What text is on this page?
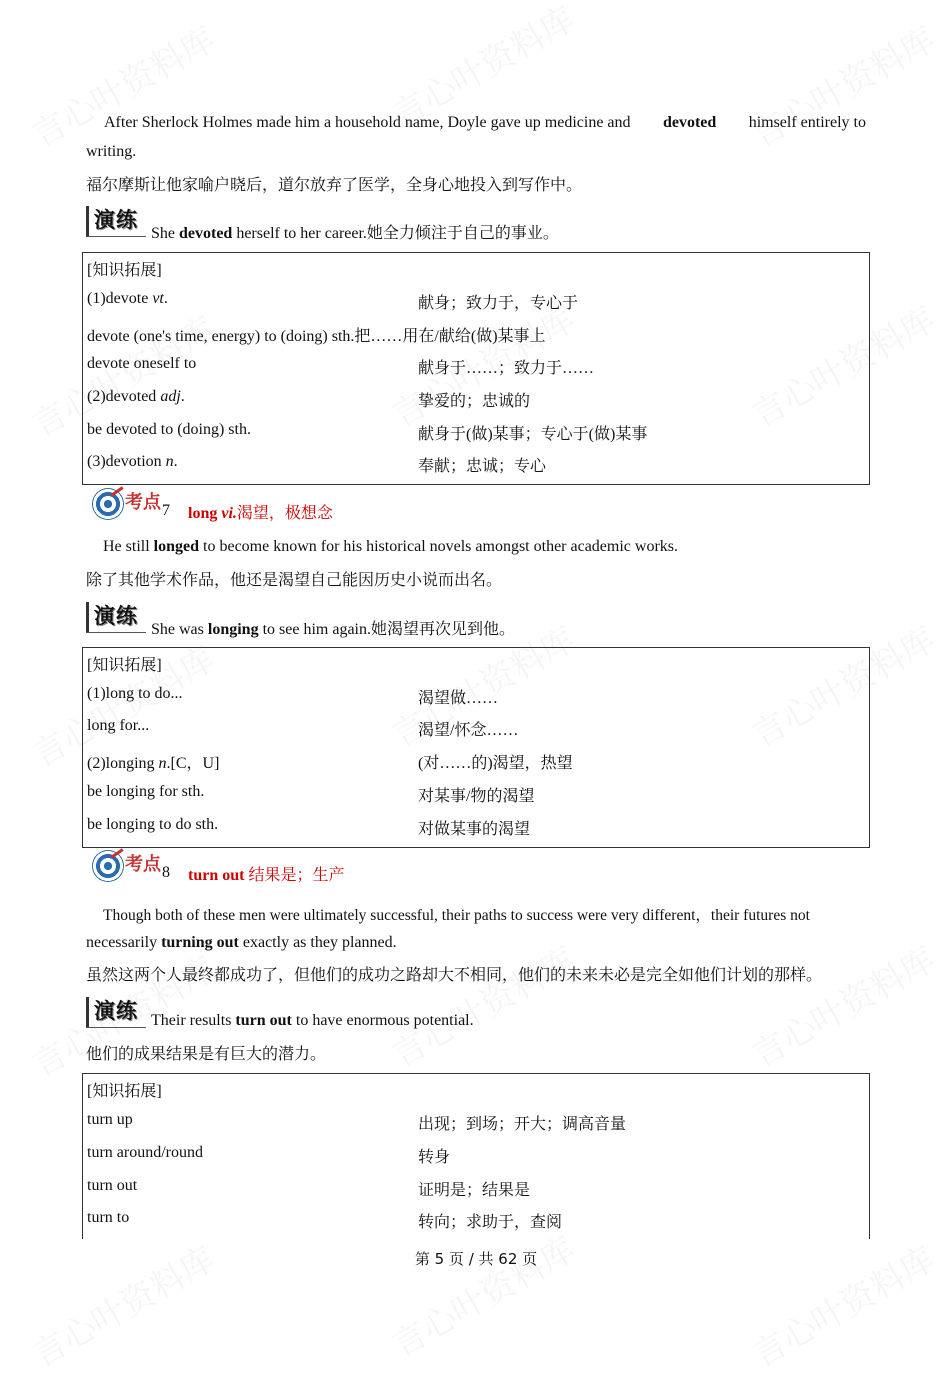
After Sherlock Holmes made him a household name, Doyle gave up medicine and devoted himself entirely to
writing.
福尔摩斯让他家喻户晓后，道尔放弃了医学，全身心地投入到写作中。
演练
She devoted herself to her career.她全力倾注于自己的事业。
[知识拓展]
(1)devote vt.	献身；致力于，专心于
devote (one's time, energy) to (doing) sth.把……用在/献给(做)某事上
devote oneself to	献身于……；致力于……
(2)devoted adj.	挚爱的；忠诚的
be devoted to (doing) sth.	献身于(做)某事；专心于(做)某事
(3)devotion n.	奉献；忠诚；专心
考点 7 long vi.渴望，极想念
He still longed to become known for his historical novels amongst other academic works.
除了其他学术作品，他还是渴望自己能因历史小说而出名。
演练
She was longing to see him again.她渴望再次见到他。
[知识拓展]
(1)long to do...	渴望做……
long for...	渴望/怀念……
(2)longing n.[C，U]	(对……的)渴望，热望
be longing for sth.	对某事/物的渴望
be longing to do sth.	对做某事的渴望
考点 8 turn out 结果是；生产
Though both of these men were ultimately successful, their paths to success were very different，their futures not
necessarily turning out exactly as they planned.
虽然这两个人最终都成功了，但他们的成功之路却大不相同，他们的未来未必是完全如他们计划的那样。
演练 Their results turn out to have enormous potential.
他们的成果结果是有巨大的潜力。
[知识拓展]
turn up	出现；到场；开大；调高音量
turn around/round	转身
turn out	证明是；结果是
turn to	转向；求助于，查阅
第 5 页 / 共 62 页
